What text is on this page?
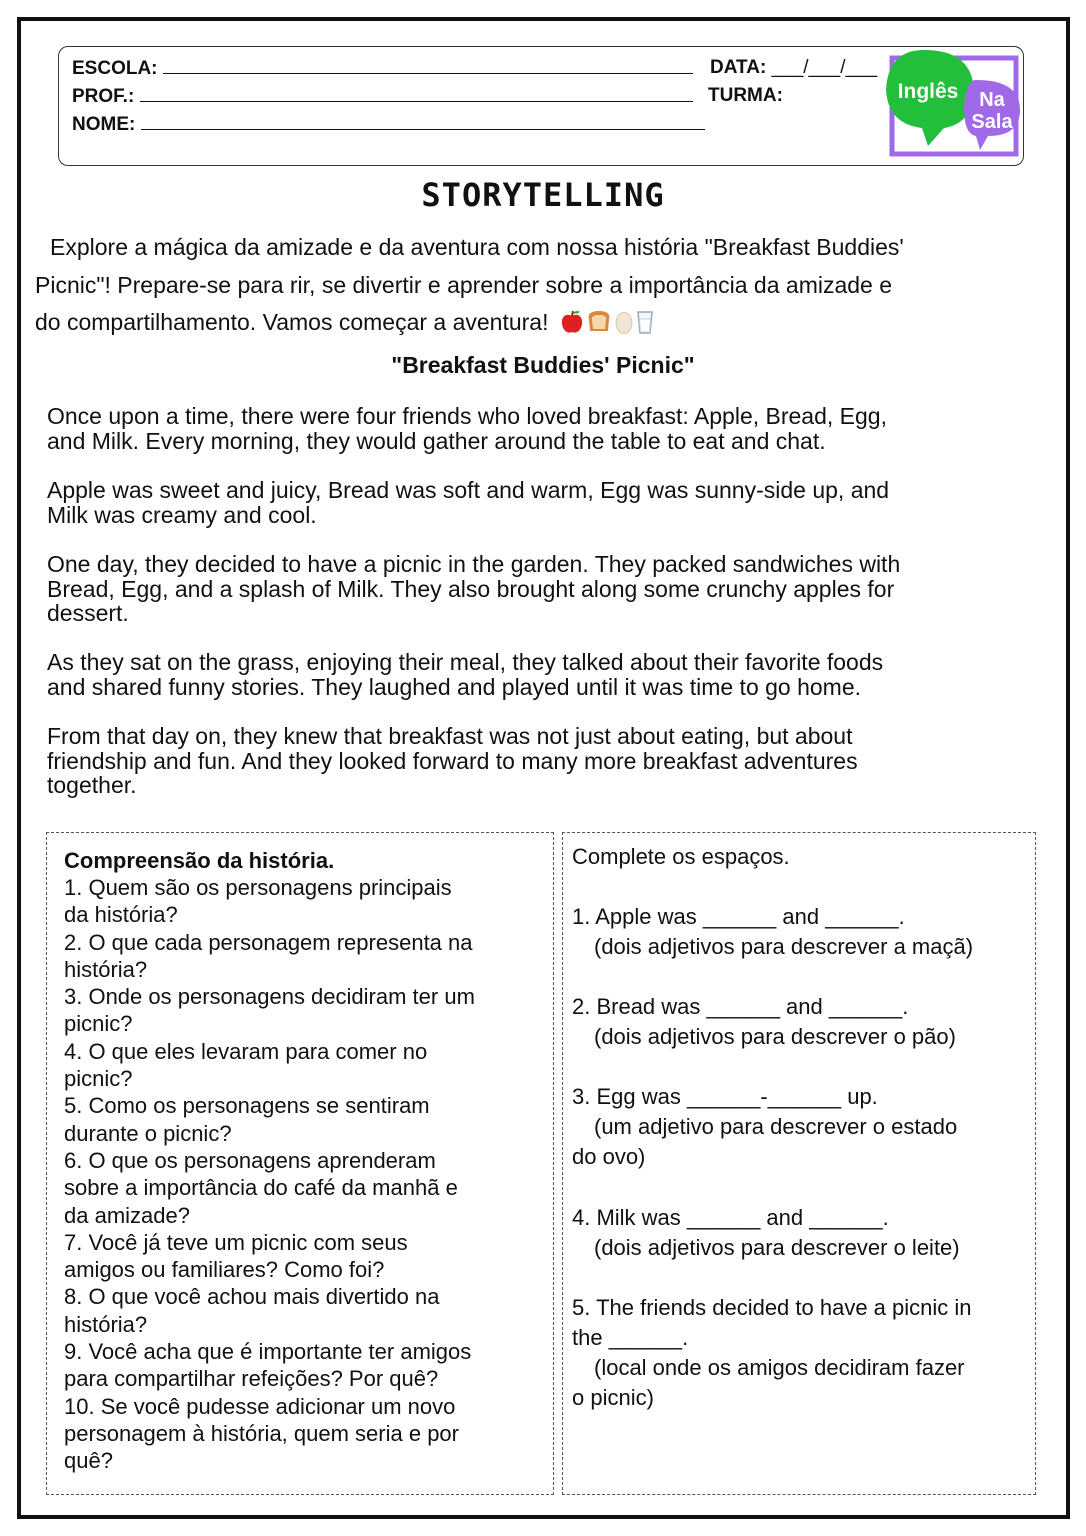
ESCOLA:	DATA: ___/___/___
PROF.:	TURMA:
NOME:
Inglês Na
Sala
STORYTELLING
Explore a mágica da amizade e da aventura com nossa história "Breakfast Buddies'
Picnic"! Prepare-se para rir, se divertir e aprender sobre a importância da amizade e
do compartilhamento. Vamos começar a aventura!
"Breakfast Buddies' Picnic"
Once upon a time, there were four friends who loved breakfast: Apple, Bread, Egg,
and Milk. Every morning, they would gather around the table to eat and chat.
Apple was sweet and juicy, Bread was soft and warm, Egg was sunny-side up, and
Milk was creamy and cool.
One day, they decided to have a picnic in the garden. They packed sandwiches with
Bread, Egg, and a splash of Milk. They also brought along some crunchy apples for
dessert.
As they sat on the grass, enjoying their meal, they talked about their favorite foods
and shared funny stories. They laughed and played until it was time to go home.
From that day on, they knew that breakfast was not just about eating, but about
friendship and fun. And they looked forward to many more breakfast adventures
together.
Compreensão da história.
1. Quem são os personagens principais
da história?
2. O que cada personagem representa na
história?
3. Onde os personagens decidiram ter um
picnic?
4. O que eles levaram para comer no
picnic?
5. Como os personagens se sentiram
durante o picnic?
6. O que os personagens aprenderam
sobre a importância do café da manhã e
da amizade?
7. Você já teve um picnic com seus
amigos ou familiares? Como foi?
8. O que você achou mais divertido na
história?
9. Você acha que é importante ter amigos
para compartilhar refeições? Por quê?
10. Se você pudesse adicionar um novo
personagem à história, quem seria e por
quê?
Complete os espaços.
1. Apple was ______ and ______.
(dois adjetivos para descrever a maçã)
2. Bread was ______ and ______.
(dois adjetivos para descrever o pão)
3. Egg was ______-______ up.
(um adjetivo para descrever o estado
do ovo)
4. Milk was ______ and ______.
(dois adjetivos para descrever o leite)
5. The friends decided to have a picnic in
the ______.
(local onde os amigos decidiram fazer
o picnic)
